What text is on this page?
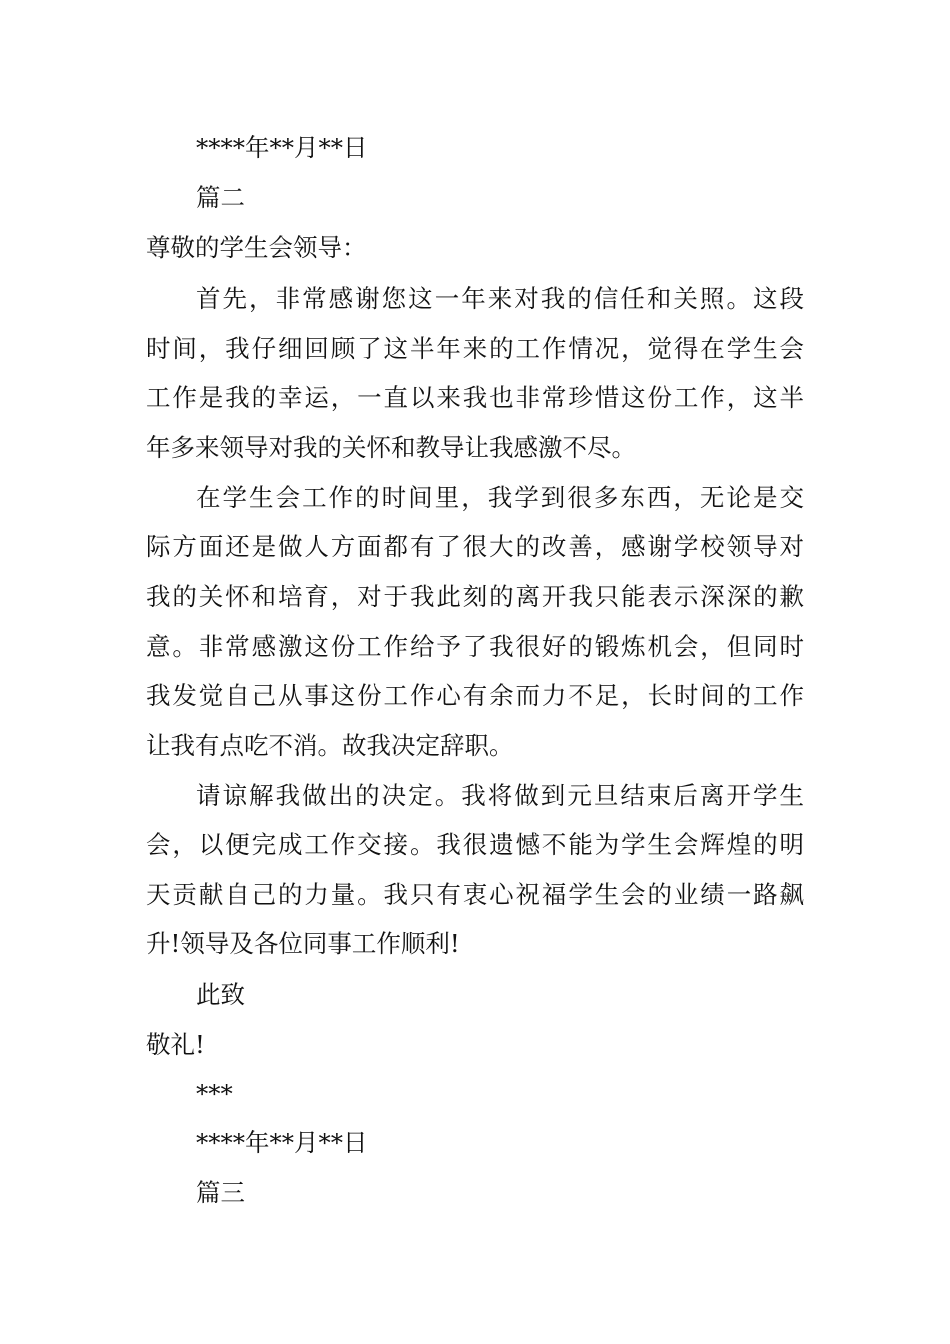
****年**月**日
篇二
尊敬的学生会领导：
首先，非常感谢您这一年来对我的信任和关照。这段
时间，我仔细回顾了这半年来的工作情况，觉得在学生会
工作是我的幸运，一直以来我也非常珍惜这份工作，这半
年多来领导对我的关怀和教导让我感激不尽。
在学生会工作的时间里，我学到很多东西，无论是交
际方面还是做人方面都有了很大的改善，感谢学校领导对
我的关怀和培育，对于我此刻的离开我只能表示深深的歉
意。非常感激这份工作给予了我很好的锻炼机会，但同时
我发觉自己从事这份工作心有余而力不足，长时间的工作
让我有点吃不消。故我决定辞职。
请谅解我做出的决定。我将做到元旦结束后离开学生
会，以便完成工作交接。我很遗憾不能为学生会辉煌的明
天贡献自己的力量。我只有衷心祝福学生会的业绩一路飙
升!领导及各位同事工作顺利!
此致
敬礼!
***
****年**月**日
篇三
